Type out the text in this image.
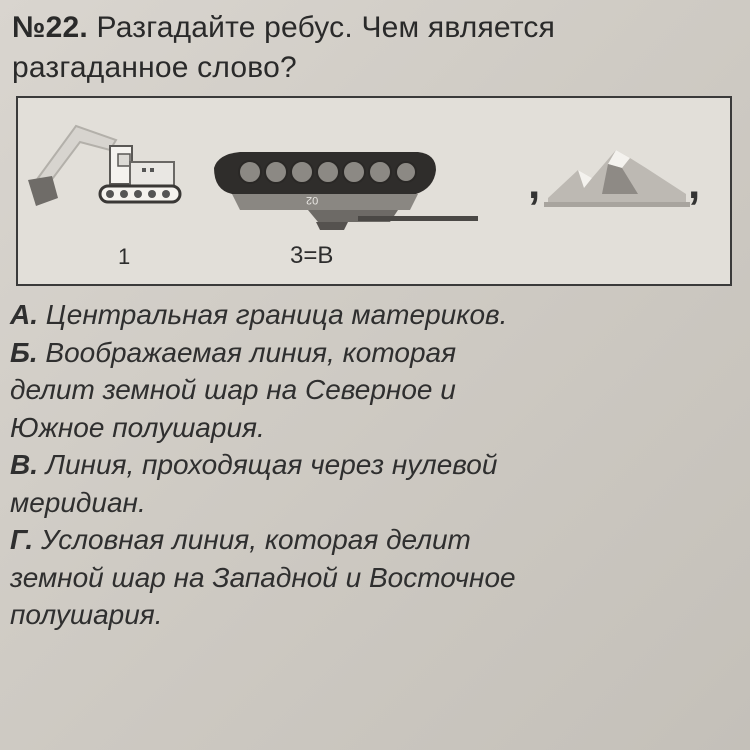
№22. Разгадайте ребус. Чем является
разгаданное слово?
,	,
1	3=В
02
А. Центральная граница материков.
Б. Воображаемая линия, которая
делит земной шар на Северное и
Южное полушария.
В. Линия, проходящая через нулевой
меридиан.
Г. Условная линия, которая делит
земной шар на Западной и Восточное
полушария.
